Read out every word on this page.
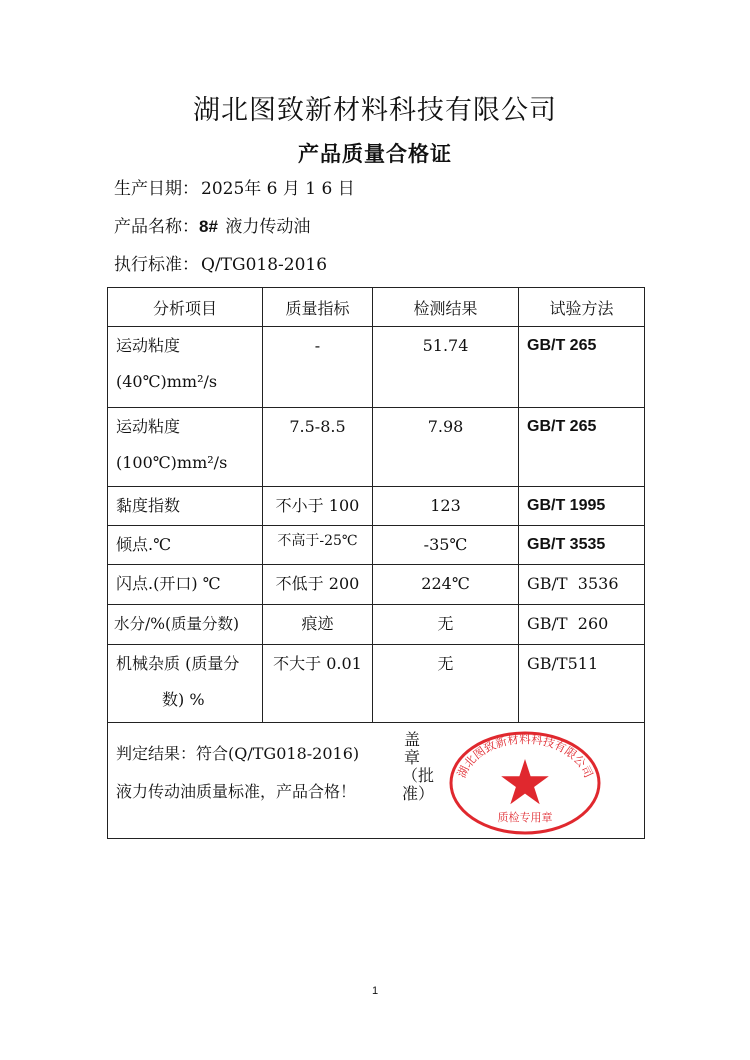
湖北图致新材料科技有限公司
产品质量合格证
生产日期： 2025年 6 月 1 6 日
产品名称：8# 液力传动油
执行标准： Q/TG018-2016
分析项目	质量指标	检测结果	试验方法

运动粘度
(40℃)mm²/s	-	51.74	GB/T 265

运动粘度
(100℃)mm²/s	7.5-8.5	7.98	GB/T 265

黏度指数	不小于 100	123	GB/T 1995

倾点.℃	不高于-25℃	-35℃	GB/T 3535

闪点.(开口) ℃	不低于 200	224℃	GB/T  3536

水分/%(质量分数)	痕迹	无	GB/T  260

机械杂质 (质量分
数) %	不大于 0.01	无	GB/T511

判定结果：符合(Q/TG018-2016)
液力传动油质量标准，产品合格！
盖章（批准）
湖北图致新材料科技有限公司
质检专用章			
1
